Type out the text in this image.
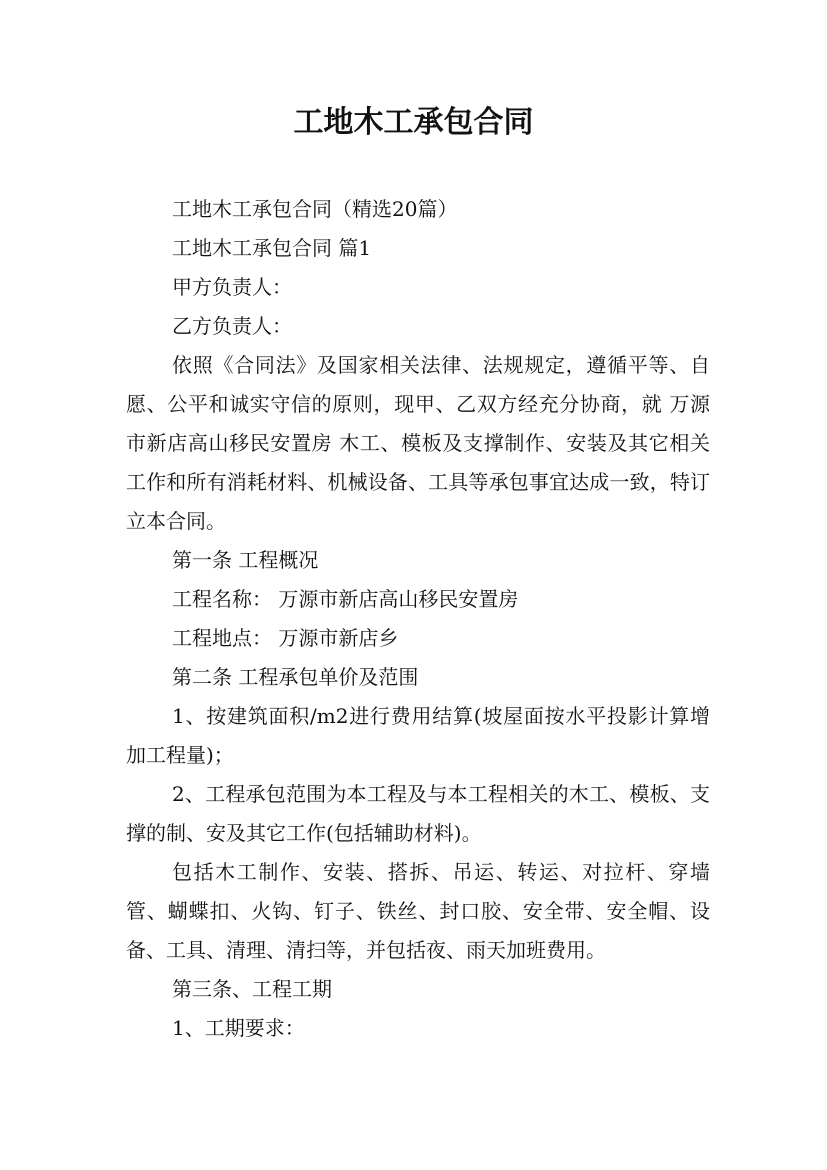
工地木工承包合同

工地木工承包合同（精选20篇）

工地木工承包合同 篇1

甲方负责人：

乙方负责人：

依照《合同法》及国家相关法律、法规规定，遵循平等、自愿、公平和诚实守信的原则，现甲、乙双方经充分协商，就 万源市新店高山移民安置房 木工、模板及支撑制作、安装及其它相关工作和所有消耗材料、机械设备、工具等承包事宜达成一致，特订立本合同。

第一条 工程概况

工程名称： 万源市新店高山移民安置房

工程地点： 万源市新店乡

第二条 工程承包单价及范围

1、按建筑面积/m2进行费用结算(坡屋面按水平投影计算增加工程量)；

2、工程承包范围为本工程及与本工程相关的木工、模板、支撑的制、安及其它工作(包括辅助材料)。

包括木工制作、安装、搭拆、吊运、转运、对拉杆、穿墙管、蝴蝶扣、火钩、钉子、铁丝、封口胶、安全带、安全帽、设备、工具、清理、清扫等，并包括夜、雨天加班费用。

第三条、工程工期

1、工期要求：
